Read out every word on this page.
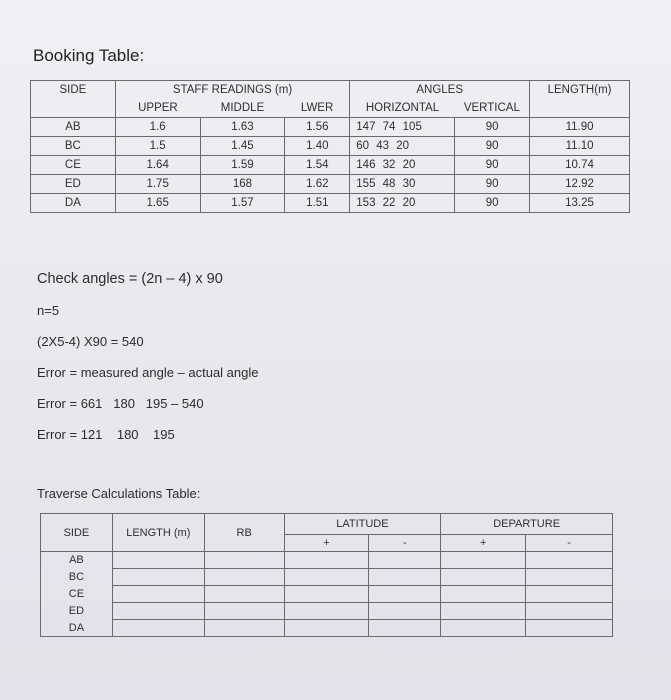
Booking Table:
SIDE	STAFF READINGS (m)			ANGLES		LENGTH(m)
	UPPER	MIDDLE	LWER	HORIZONTAL	VERTICAL	
AB	1.6	1.63	1.56	147 74 105	90	11.90
BC	1.5	1.45	1.40	60 43 20	90	11.10
CE	1.64	1.59	1.54	146 32 20	90	10.74
ED	1.75	168	1.62	155 48 30	90	12.92
DA	1.65	1.57	1.51	153 22 20	90	13.25
Check angles = (2n – 4) x 90
n=5
(2X5-4) X90 = 540
Error = measured angle – actual angle
Error = 661   180   195 – 540
Error = 121    180    195
Traverse Calculations Table:
SIDE	LENGTH (m)	RB	LATITUDE		DEPARTURE	
			+	-	+	-
AB						
BC						
CE						
ED						
DA						
